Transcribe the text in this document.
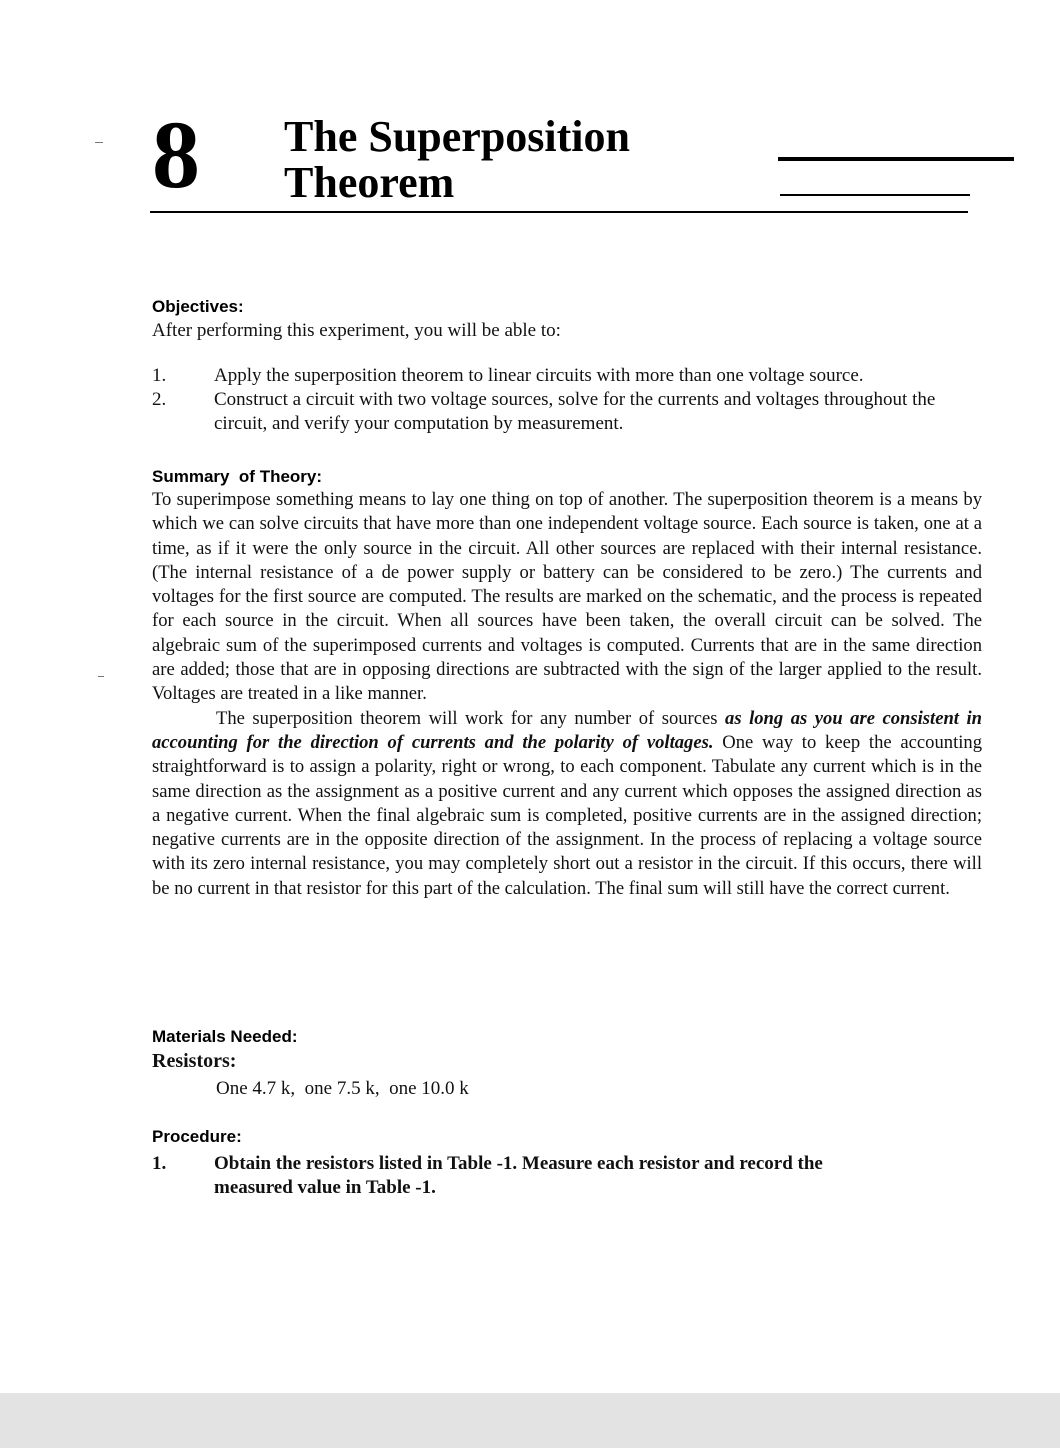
8 The Superposition
Theorem
Objectives:
After performing this experiment, you will be able to:
1.	Apply the superposition theorem to linear circuits with more than one voltage source.
2.	Construct a circuit with two voltage sources, solve for the currents and voltages throughout the circuit, and verify your computation by measurement.
Summary  of Theory:

To superimpose something means to lay one thing on top of another. The superposition theorem is a means by which we can solve circuits that have more than one independent voltage source. Each source is taken, one at a time, as if it were the only source in the circuit. All other sources are replaced with their internal resistance. (The internal resistance of a de power supply or battery can be considered to be zero.) The currents and voltages for the first source are computed. The results are marked on the schematic, and the process is repeated for each source in the circuit. When all sources have been taken, the overall circuit can be solved. The algebraic sum of the superimposed currents and voltages is computed. Currents that are in the same direction are added; those that are in opposing directions are subtracted with the sign of the larger applied to the result. Voltages are treated in a like manner.

The superposition theorem will work for any number of sources as long as you are consistent in accounting for the direction of currents and the polarity of voltages. One way to keep the accounting straightforward is to assign a polarity, right or wrong, to each component. Tabulate any current which is in the same direction as the assignment as a positive current and any current which opposes the assigned direction as a negative current. When the final algebraic sum is completed, positive currents are in the assigned direction; negative currents are in the opposite direction of the assignment. In the process of replacing a voltage source with its zero internal resistance, you may completely short out a resistor in the circuit. If this occurs, there will be no current in that resistor for this part of the calculation. The final sum will still have the correct current.

Materials Needed:
Resistors:
One 4.7 k,  one 7.5 k,  one 10.0 k
Procedure:
1.	Obtain the resistors listed in Table -1. Measure each resistor and record the measured value in Table -1.
